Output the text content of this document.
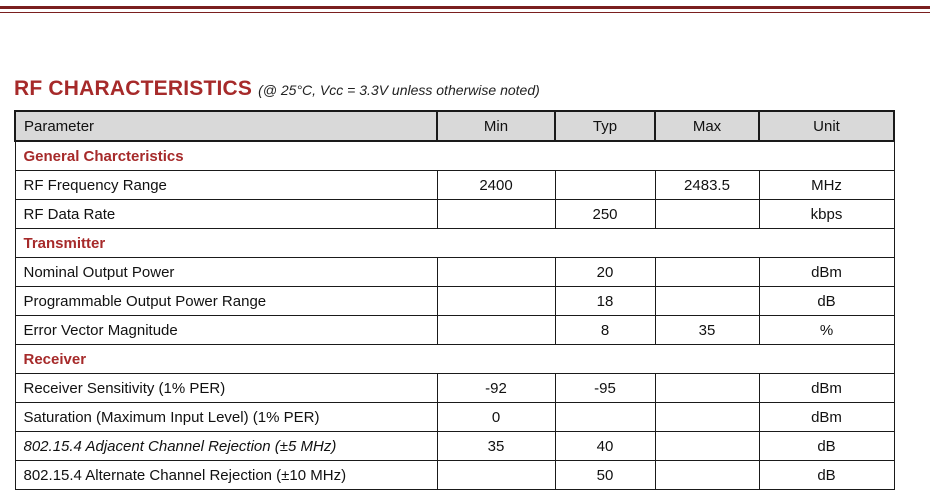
RF CHARACTERISTICS (@ 25°C, Vcc = 3.3V unless otherwise noted)
Parameter	Min	Typ	Max	Unit
General Charcteristics				
RF Frequency Range	2400		2483.5	MHz
RF Data Rate		250		kbps
Transmitter				
Nominal Output Power		20		dBm
Programmable Output Power Range		18		dB
Error Vector Magnitude		8	35	%
Receiver				
Receiver Sensitivity (1% PER)	-92	-95		dBm
Saturation (Maximum Input Level) (1% PER)	0			dBm
802.15.4 Adjacent Channel Rejection (±5 MHz)	35	40		dB
802.15.4 Alternate Channel Rejection (±10 MHz)		50		dB
